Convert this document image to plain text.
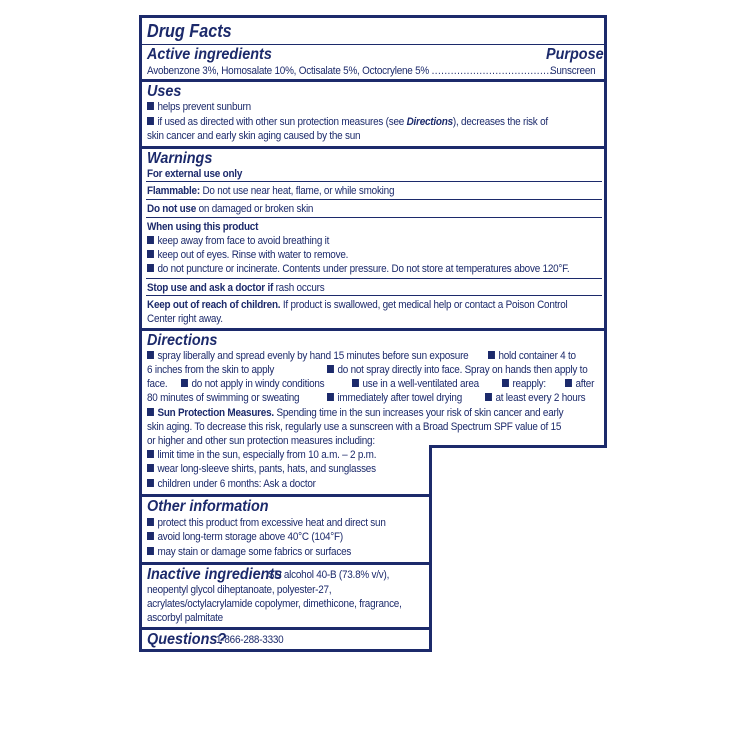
Drug Facts
Active ingredients	Purpose
Avobenzone 3%, Homosalate 10%, Octisalate 5%, Octocrylene 5% ......................................
Sunscreen
Uses
helps prevent sunburn
if used as directed with other sun protection measures (see Directions), decreases the risk of
skin cancer and early skin aging caused by the sun
Warnings
For external use only
Flammable: Do not use near heat, flame, or while smoking
Do not use on damaged or broken skin
When using this product
keep away from face to avoid breathing it
keep out of eyes. Rinse with water to remove.
do not puncture or incinerate. Contents under pressure. Do not store at temperatures above 120°F.
Stop use and ask a doctor if rash occurs
Keep out of reach of children. If product is swallowed, get medical help or contact a Poison Control
Center right away.
Directions
spray liberally and spread evenly by hand 15 minutes before sun exposure	hold container 4 to
6 inches from the skin to apply	do not spray directly into face. Spray on hands then apply to
face.	do not apply in windy conditions	use in a well-ventilated area	reapply:	after
80 minutes of swimming or sweating	immediately after towel drying	at least every 2 hours
Sun Protection Measures. Spending time in the sun increases your risk of skin cancer and early
skin aging. To decrease this risk, regularly use a sunscreen with a Broad Spectrum SPF value of 15
or higher and other sun protection measures including:
limit time in the sun, especially from 10 a.m. – 2 p.m.
wear long-sleeve shirts, pants, hats, and sunglasses
children under 6 months: Ask a doctor
Other information
protect this product from excessive heat and direct sun
avoid long-term storage above 40°C (104°F)
may stain or damage some fabrics or surfaces
Inactive ingredients
SD alcohol 40-B (73.8% v/v),
neopentyl glycol diheptanoate, polyester-27,
acrylates/octylacrylamide copolymer, dimethicone, fragrance,
ascorbyl palmitate
Questions?
1-866-288-3330
